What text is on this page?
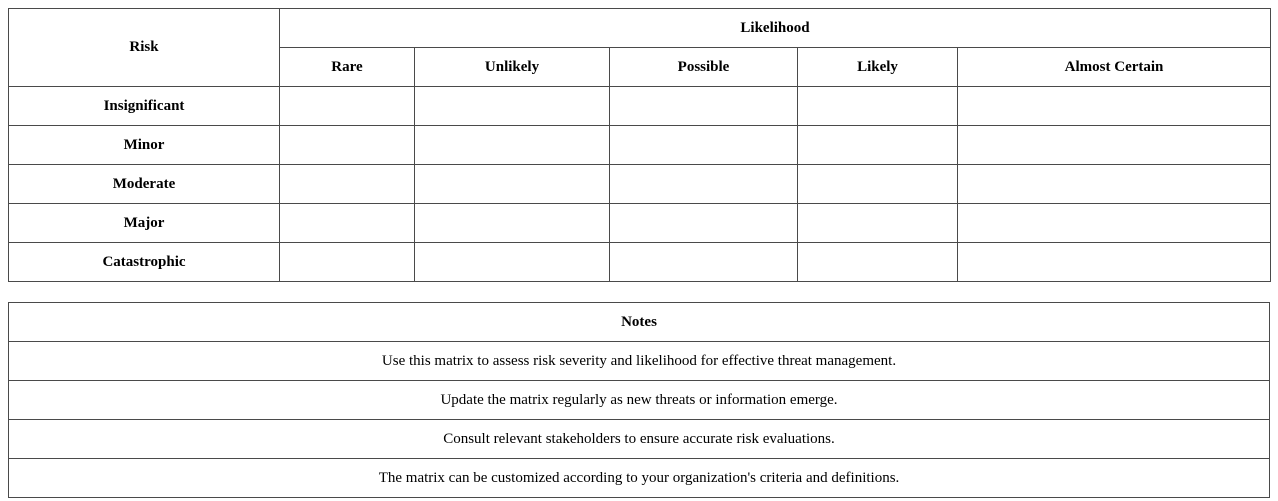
Risk	Likelihood				
	Rare	Unlikely	Possible	Likely	Almost Certain
Insignificant					
Minor					
Moderate					
Major					
Catastrophic					
Notes
Use this matrix to assess risk severity and likelihood for effective threat management.
Update the matrix regularly as new threats or information emerge.
Consult relevant stakeholders to ensure accurate risk evaluations.
The matrix can be customized according to your organization's criteria and definitions.
